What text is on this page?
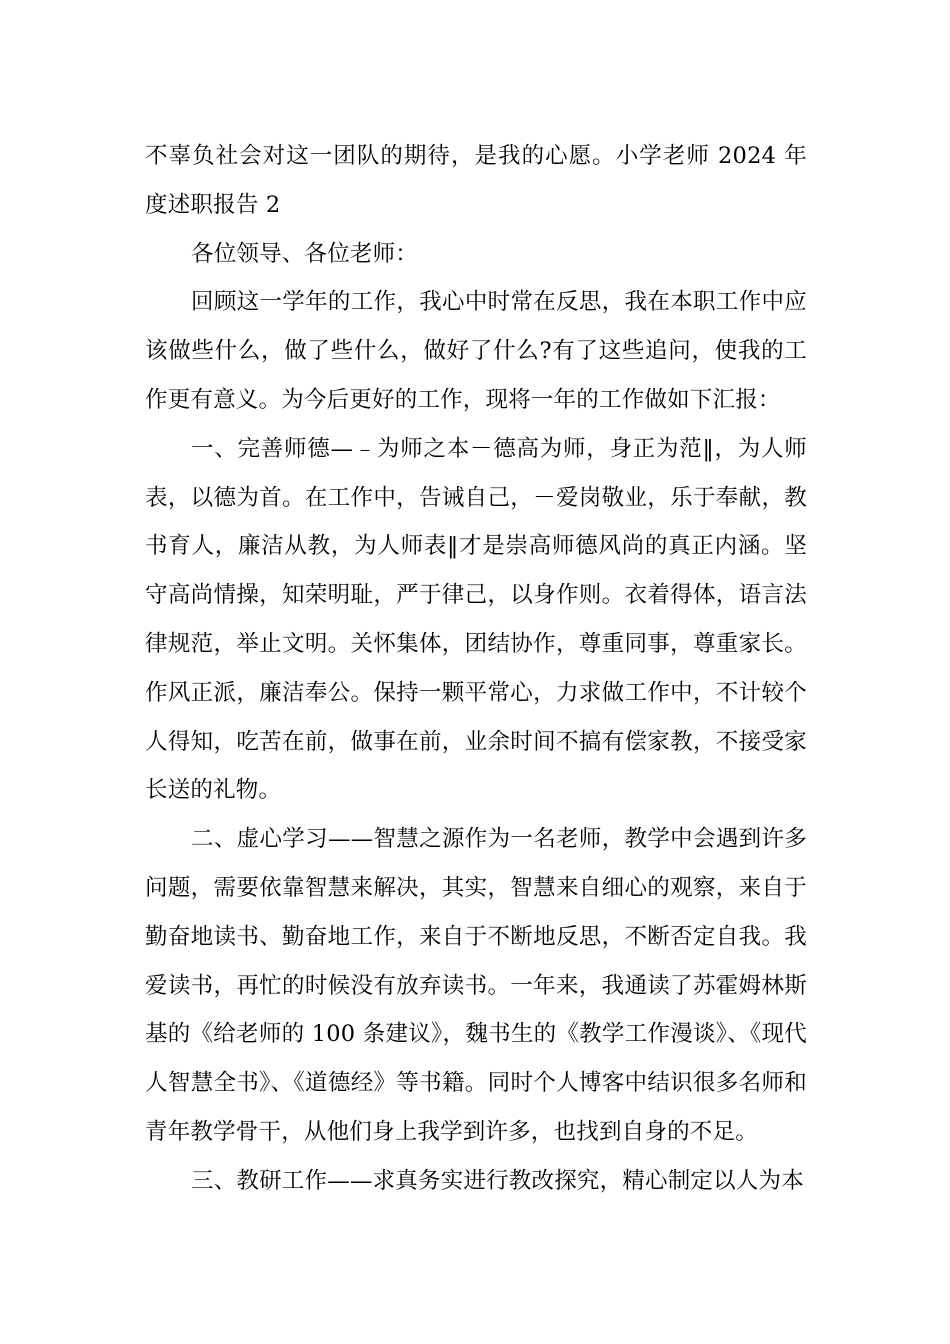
不辜负社会对这一团队的期待，是我的心愿。小学老师 2024 年度述职报告 2

各位领导、各位老师：

回顾这一学年的工作，我心中时常在反思，我在本职工作中应该做些什么，做了些什么，做好了什么?有了这些追问，使我的工作更有意义。为今后更好的工作，现将一年的工作做如下汇报：

一、完善师德—﹣为师之本－德高为师，身正为范‖，为人师表，以德为首。在工作中，告诫自己，－爱岗敬业，乐于奉献，教书育人，廉洁从教，为人师表‖才是崇高师德风尚的真正内涵。坚守高尚情操，知荣明耻，严于律己，以身作则。衣着得体，语言法律规范，举止文明。关怀集体，团结协作，尊重同事，尊重家长。作风正派，廉洁奉公。保持一颗平常心，力求做工作中，不计较个人得知，吃苦在前，做事在前，业余时间不搞有偿家教，不接受家长送的礼物。

二、虚心学习——智慧之源作为一名老师，教学中会遇到许多问题，需要依靠智慧来解决，其实，智慧来自细心的观察，来自于勤奋地读书、勤奋地工作，来自于不断地反思，不断否定自我。我爱读书，再忙的时候没有放弃读书。一年来，我通读了苏霍姆林斯基的《给老师的 100 条建议》，魏书生的《教学工作漫谈》、《现代人智慧全书》、《道德经》等书籍。同时个人博客中结识很多名师和青年教学骨干，从他们身上我学到许多，也找到自身的不足。

三、教研工作——求真务实进行教改探究，精心制定以人为本
